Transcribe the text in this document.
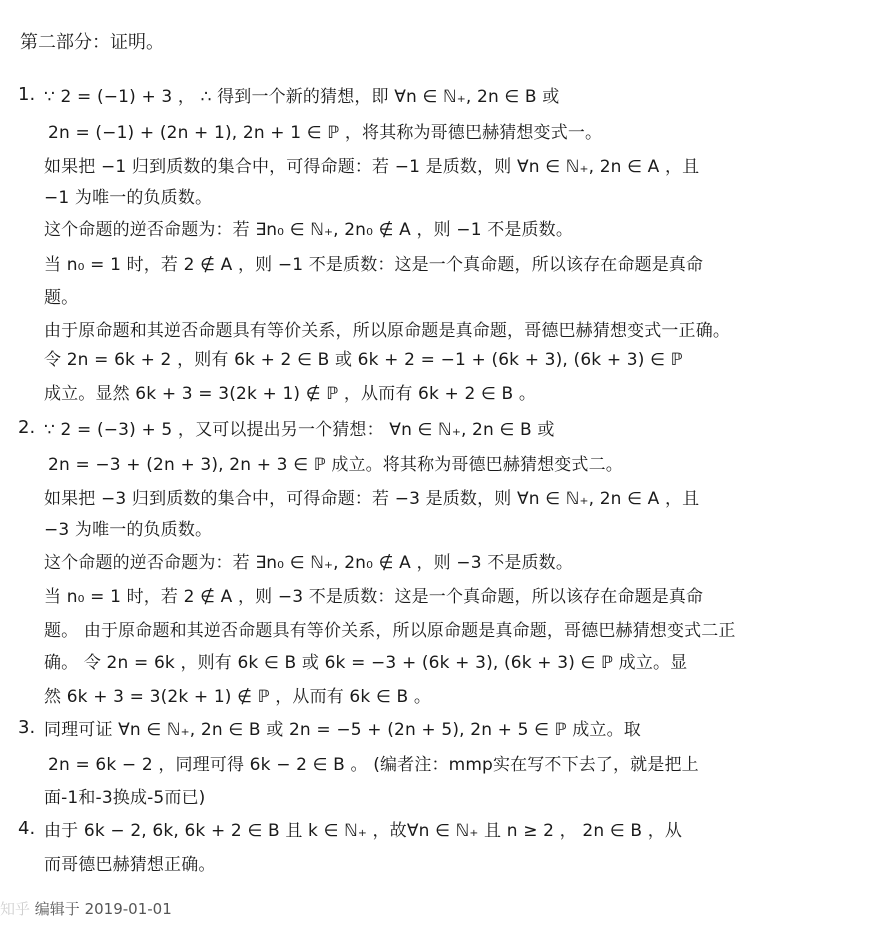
第二部分：证明。
1. ∵ 2 = (−1) + 3 ， ∴ 得到一个新的猜想，即 ∀n ∈ ℕ₊, 2n ∈ B 或
2n = (−1) + (2n + 1), 2n + 1 ∈ ℙ ，将其称为哥德巴赫猜想变式一。
如果把 −1 归到质数的集合中，可得命题：若 −1 是质数，则 ∀n ∈ ℕ₊, 2n ∈ A ，且
−1 为唯一的负质数。
这个命题的逆否命题为：若 ∃n₀ ∈ ℕ₊, 2n₀ ∉ A ，则 −1 不是质数。
当 n₀ = 1 时，若 2 ∉ A ，则 −1 不是质数：这是一个真命题，所以该存在命题是真命
题。
由于原命题和其逆否命题具有等价关系，所以原命题是真命题，哥德巴赫猜想变式一正确。
令 2n = 6k + 2 ，则有 6k + 2 ∈ B 或 6k + 2 = −1 + (6k + 3), (6k + 3) ∈ ℙ
成立。显然 6k + 3 = 3(2k + 1) ∉ ℙ ，从而有 6k + 2 ∈ B 。
2. ∵ 2 = (−3) + 5 ，又可以提出另一个猜想： ∀n ∈ ℕ₊, 2n ∈ B 或
2n = −3 + (2n + 3), 2n + 3 ∈ ℙ 成立。将其称为哥德巴赫猜想变式二。
如果把 −3 归到质数的集合中，可得命题：若 −3 是质数，则 ∀n ∈ ℕ₊, 2n ∈ A ，且
−3 为唯一的负质数。
这个命题的逆否命题为：若 ∃n₀ ∈ ℕ₊, 2n₀ ∉ A ，则 −3 不是质数。
当 n₀ = 1 时，若 2 ∉ A ，则 −3 不是质数：这是一个真命题，所以该存在命题是真命
题。 由于原命题和其逆否命题具有等价关系，所以原命题是真命题，哥德巴赫猜想变式二正
确。 令 2n = 6k ，则有 6k ∈ B 或 6k = −3 + (6k + 3), (6k + 3) ∈ ℙ 成立。显
然 6k + 3 = 3(2k + 1) ∉ ℙ ，从而有 6k ∈ B 。
3. 同理可证 ∀n ∈ ℕ₊, 2n ∈ B 或 2n = −5 + (2n + 5), 2n + 5 ∈ ℙ 成立。取
2n = 6k − 2 ，同理可得 6k − 2 ∈ B 。 (编者注：mmp实在写不下去了，就是把上
面-1和-3换成-5而已)
4. 由于 6k − 2, 6k, 6k + 2 ∈ B 且 k ∈ ℕ₊ ，故∀n ∈ ℕ₊ 且 n ≥ 2 ， 2n ∈ B ，从
而哥德巴赫猜想正确。
知乎 编辑于 2019-01-01
